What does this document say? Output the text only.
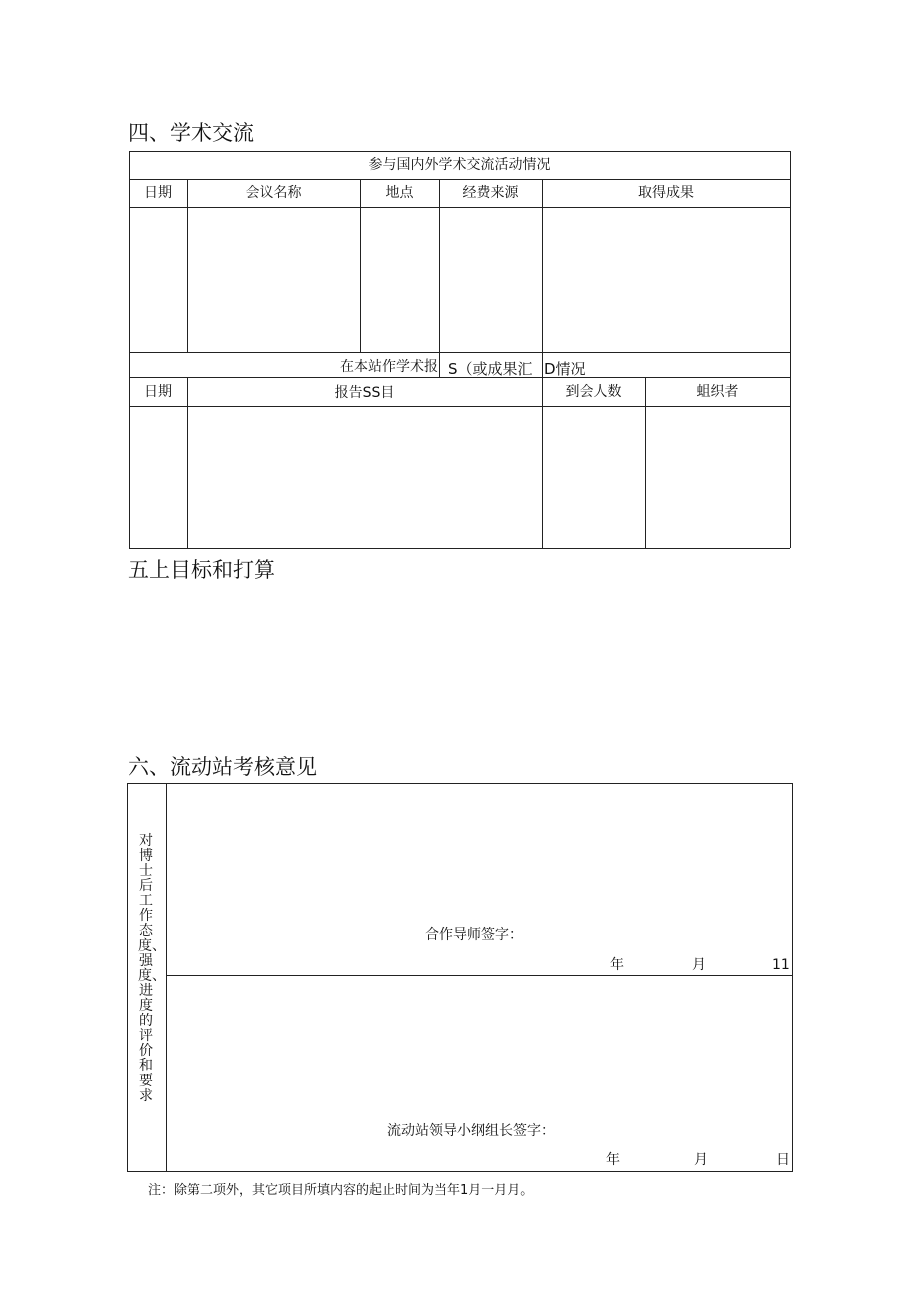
四、学术交流
参与国内外学术交流活动情况
日期	会议名称	地点	经费来源	取得成果
在本站作学术报 S（或成果汇 D情况
日期	报告SS目	到会人数	蛆织者
五上目标和打算
六、流动站考核意见
对博士后工作态度、强度、进度的评价和要求
合作导师签字：
年	月	11
流动站领导小纲组长签字：
年	月	日
注：除第二项外，其它项目所填内容的起止时间为当年1月一月月。
